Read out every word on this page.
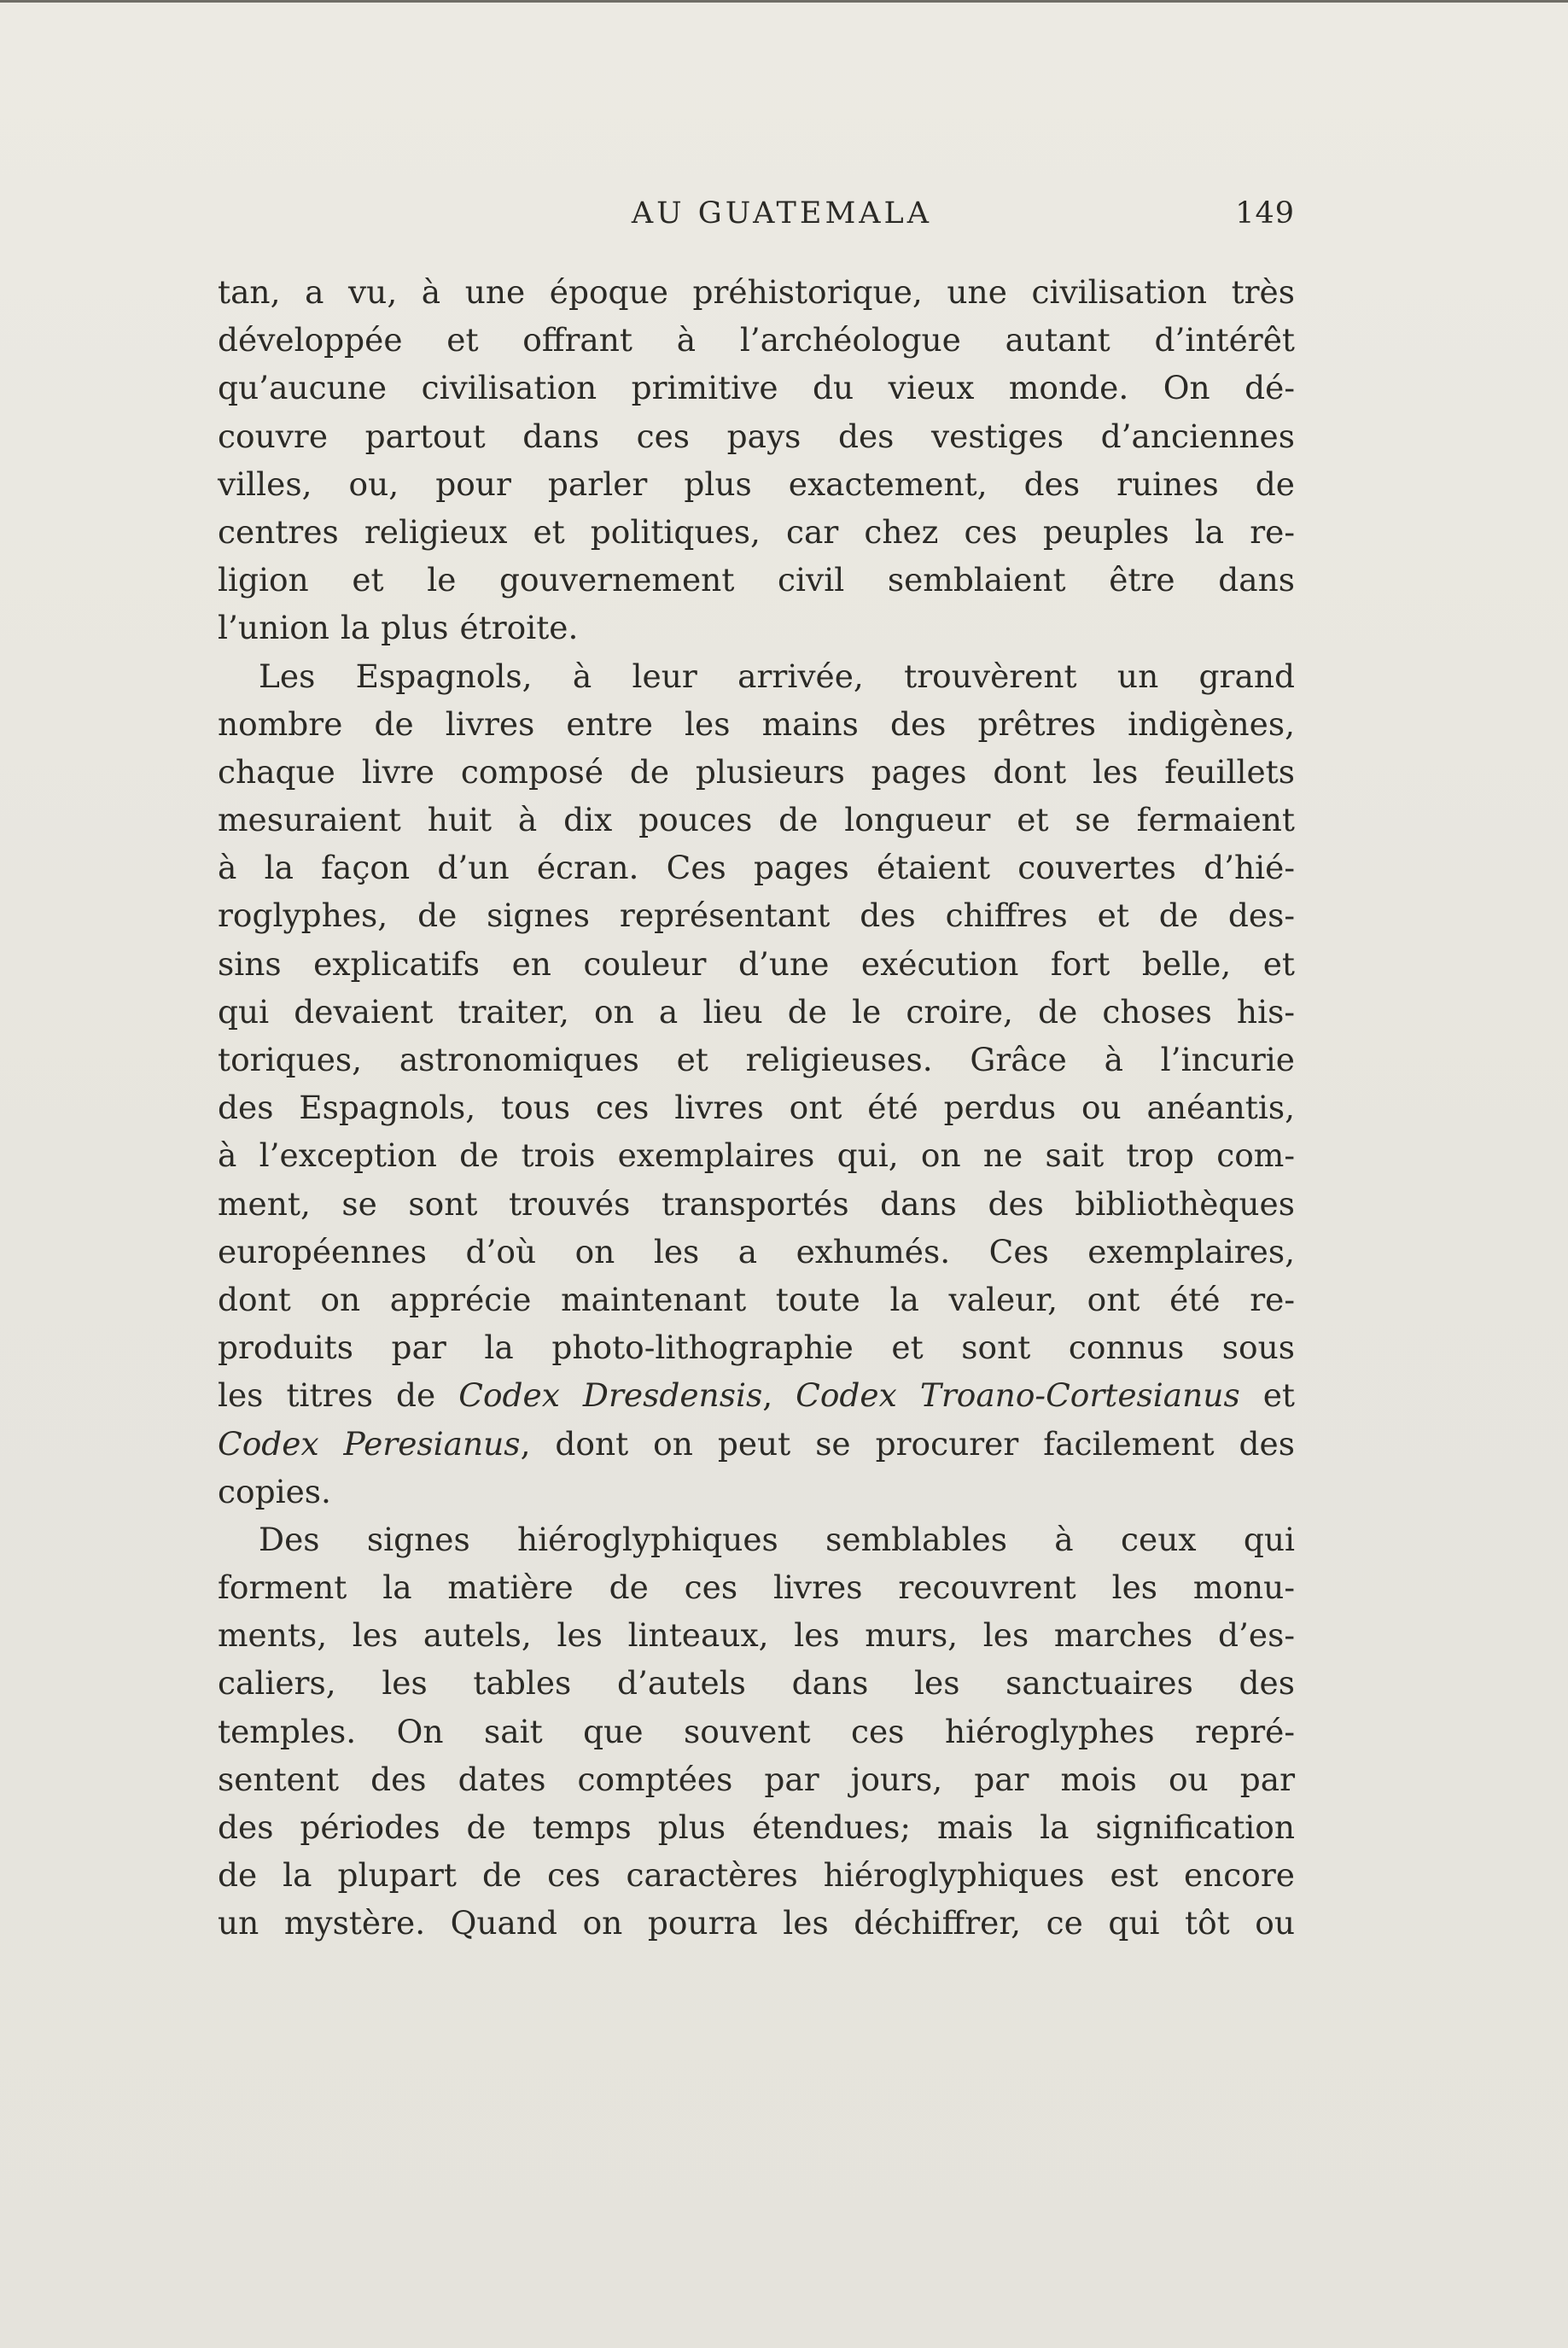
AU GUATEMALA	149
tan, a vu, à une époque préhistorique, une civilisation très
développée et offrant à l’archéologue autant d’intérêt
qu’aucune civilisation primitive du vieux monde. On dé-
couvre partout dans ces pays des vestiges d’anciennes
villes, ou, pour parler plus exactement, des ruines de
centres religieux et politiques, car chez ces peuples la re-
ligion et le gouvernement civil semblaient être dans
l’union la plus étroite.
Les Espagnols, à leur arrivée, trouvèrent un grand
nombre de livres entre les mains des prêtres indigènes,
chaque livre composé de plusieurs pages dont les feuillets
mesuraient huit à dix pouces de longueur et se fermaient
à la façon d’un écran. Ces pages étaient couvertes d’hié-
roglyphes, de signes représentant des chiffres et de des-
sins explicatifs en couleur d’une exécution fort belle, et
qui devaient traiter, on a lieu de le croire, de choses his-
toriques, astronomiques et religieuses. Grâce à l’incurie
des Espagnols, tous ces livres ont été perdus ou anéantis,
à l’exception de trois exemplaires qui, on ne sait trop com-
ment, se sont trouvés transportés dans des bibliothèques
européennes d’où on les a exhumés. Ces exemplaires,
dont on apprécie maintenant toute la valeur, ont été re-
produits par la photo-lithographie et sont connus sous
les titres de Codex Dresdensis, Codex Troano-Cortesianus et
Codex Peresianus, dont on peut se procurer facilement des
copies.
Des signes hiéroglyphiques semblables à ceux qui
forment la matière de ces livres recouvrent les monu-
ments, les autels, les linteaux, les murs, les marches d’es-
caliers, les tables d’autels dans les sanctuaires des
temples. On sait que souvent ces hiéroglyphes repré-
sentent des dates comptées par jours, par mois ou par
des périodes de temps plus étendues; mais la signification
de la plupart de ces caractères hiéroglyphiques est encore
un mystère. Quand on pourra les déchiffrer, ce qui tôt ou
